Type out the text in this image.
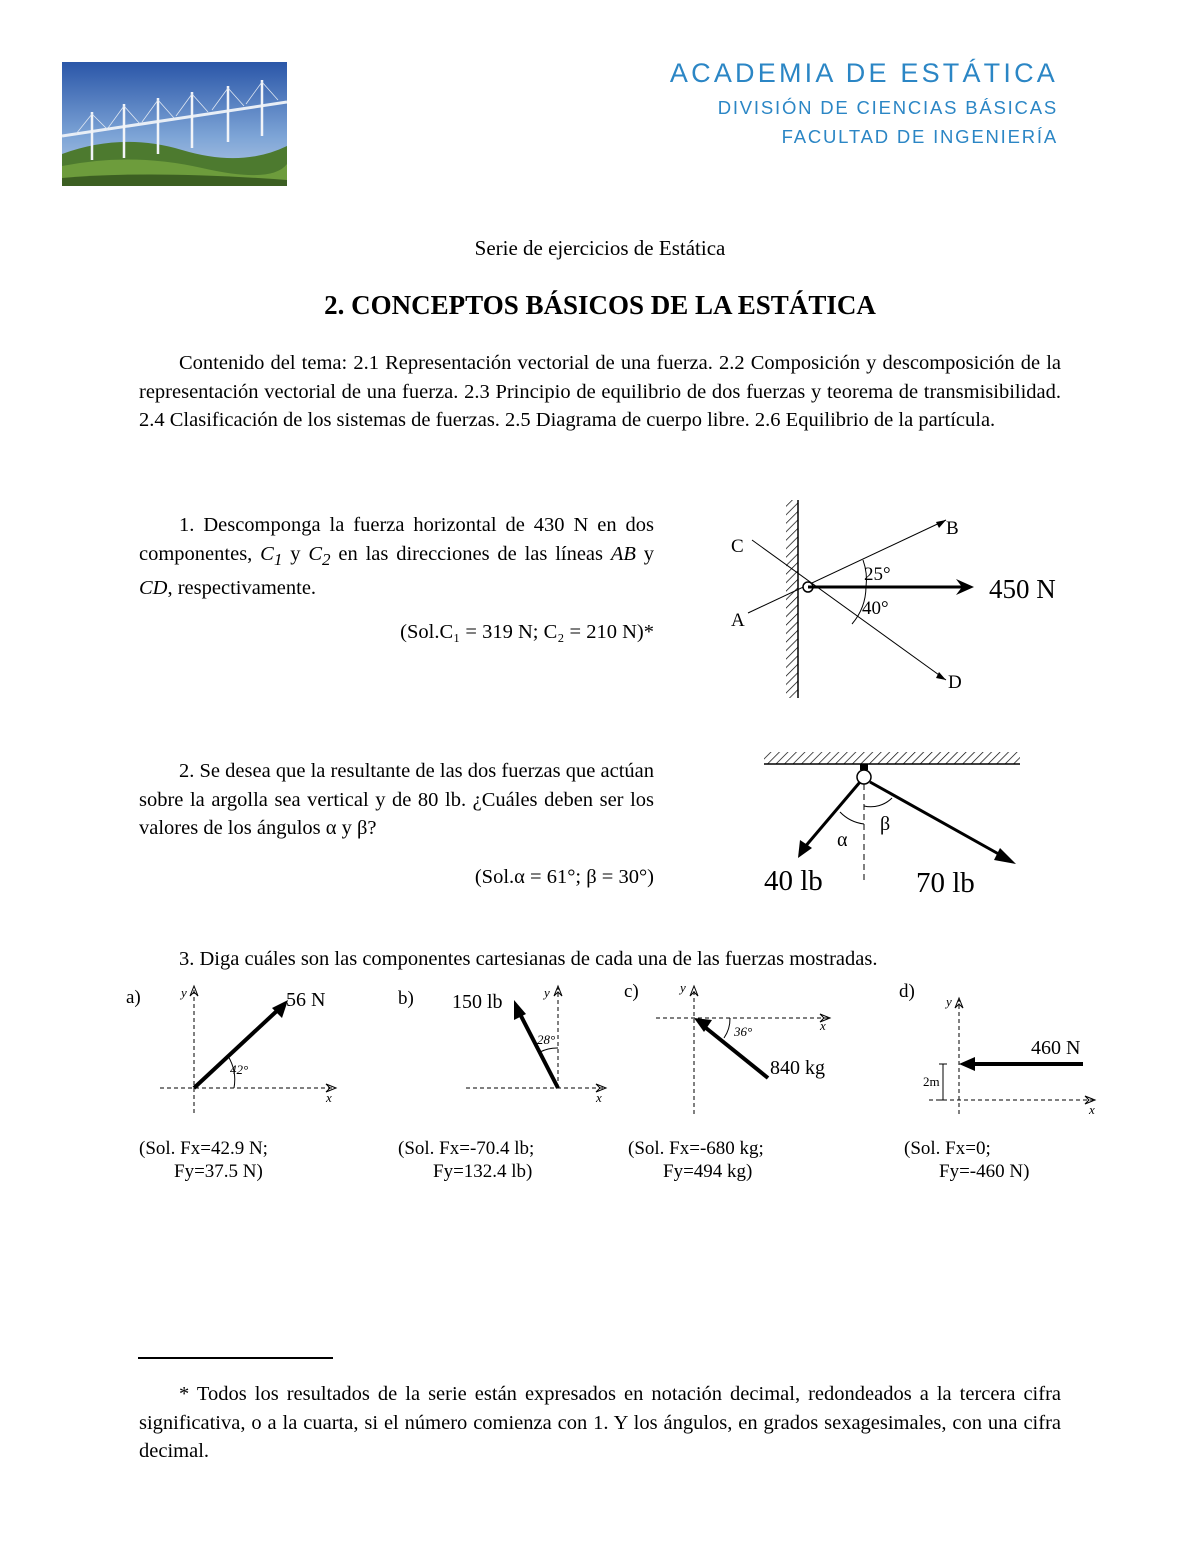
ACADEMIA DE ESTÁTICA
DIVISIÓN DE CIENCIAS BÁSICAS
FACULTAD DE INGENIERÍA
Serie de ejercicios de Estática
2. CONCEPTOS BÁSICOS DE LA ESTÁTICA
Contenido del tema: 2.1 Representación vectorial de una fuerza. 2.2 Composición y descomposición de la representación vectorial de una fuerza. 2.3 Principio de equilibrio de dos fuerzas y teorema de transmisibilidad. 2.4 Clasificación de los sistemas de fuerzas. 2.5 Diagrama de cuerpo libre. 2.6 Equilibrio de la partícula.
1. Descomponga la fuerza horizontal de 430 N en dos componentes, $C_1$ y $C_2$ en las direcciones de las líneas AB y CD, respectivamente.
(Sol.C₁ = 319 N; C₂ = 210 N)*
25°
40°
450 N
B
C
A
D
2. Se desea que la resultante de las dos fuerzas que actúan sobre la argolla sea vertical y de 80 lb. ¿Cuáles deben ser los valores de los ángulos α y β?
(Sol.α = 61°; β = 30°)
α
β
40 lb	70 lb
3. Diga cuáles son las componentes cartesianas de cada una de las fuerzas mostradas.
a)	b)	c)	d)
y
x
42°
56 N	y
x
28°
150 lb
y
x
36°
840 kg
y
x
2m
460 N
(Sol. Fx=42.9 N;
Fy=37.5 N)
(Sol. Fx=-70.4 lb;
Fy=132.4 lb)
(Sol. Fx=-680 kg;
Fy=494 kg)
(Sol. Fx=0;
Fy=-460 N)
* Todos los resultados de la serie están expresados en notación decimal, redondeados a la tercera cifra significativa, o a la cuarta, si el número comienza con 1. Y los ángulos, en grados sexagesimales, con una cifra decimal.
